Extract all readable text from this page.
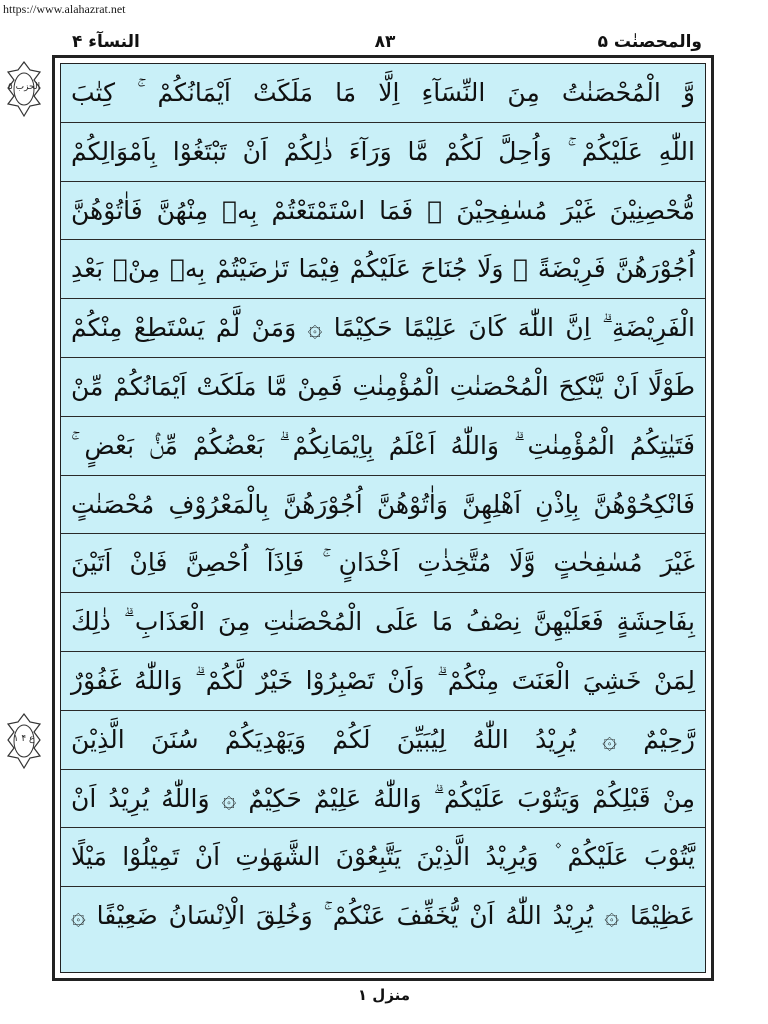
https://www.alahazrat.net
النسآء ۴	۸۳	والمحصنٰت ۵
الحزب ٥
ع ۴ ۱
وَّ الْمُحْصَنٰتُ مِنَ النِّسَآءِ اِلَّا مَا مَلَكَتْ اَيْمَانُكُمْ ۚ كِتٰبَ
اللّٰهِ عَلَيْكُمْ ۚ وَاُحِلَّ لَكُمْ مَّا وَرَآءَ ذٰلِكُمْ اَنْ تَبْتَغُوْا بِاَمْوَالِكُمْ
مُّحْصِنِيْنَ غَيْرَ مُسٰفِحِيْنَ ۗ فَمَا اسْتَمْتَعْتُمْ بِهٖ مِنْهُنَّ فَاٰتُوْهُنَّ
اُجُوْرَهُنَّ فَرِيْضَةً ۗ وَلَا جُنَاحَ عَلَيْكُمْ فِيْمَا تَرٰضَيْتُمْ بِهٖ مِنْۢ بَعْدِ
الْفَرِيْضَةِ ۗ اِنَّ اللّٰهَ كَانَ عَلِيْمًا حَكِيْمًا ۞ وَمَنْ لَّمْ يَسْتَطِعْ مِنْكُمْ
طَوْلًا اَنْ يَّنْكِحَ الْمُحْصَنٰتِ الْمُؤْمِنٰتِ فَمِنْ مَّا مَلَكَتْ اَيْمَانُكُمْ مِّنْ
فَتَيٰتِكُمُ الْمُؤْمِنٰتِ ۗ وَاللّٰهُ اَعْلَمُ بِاِيْمَانِكُمْ ۗ بَعْضُكُمْ مِّنْۢ بَعْضٍ ۚ
فَانْكِحُوْهُنَّ بِاِذْنِ اَهْلِهِنَّ وَاٰتُوْهُنَّ اُجُوْرَهُنَّ بِالْمَعْرُوْفِ مُحْصَنٰتٍ
غَيْرَ مُسٰفِحٰتٍ وَّلَا مُتَّخِذٰتِ اَخْدَانٍ ۚ فَاِذَآ اُحْصِنَّ فَاِنْ اَتَيْنَ
بِفَاحِشَةٍ فَعَلَيْهِنَّ نِصْفُ مَا عَلَى الْمُحْصَنٰتِ مِنَ الْعَذَابِ ۗ ذٰلِكَ
لِمَنْ خَشِيَ الْعَنَتَ مِنْكُمْ ۗ وَاَنْ تَصْبِرُوْا خَيْرٌ لَّكُمْ ۗ وَاللّٰهُ غَفُوْرٌ
رَّحِيْمٌ ۞ يُرِيْدُ اللّٰهُ لِيُبَيِّنَ لَكُمْ وَيَهْدِيَكُمْ سُنَنَ الَّذِيْنَ
مِنْ قَبْلِكُمْ وَيَتُوْبَ عَلَيْكُمْ ۗ وَاللّٰهُ عَلِيْمٌ حَكِيْمٌ ۞ وَاللّٰهُ يُرِيْدُ اَنْ
يَّتُوْبَ عَلَيْكُمْ ۫ وَيُرِيْدُ الَّذِيْنَ يَتَّبِعُوْنَ الشَّهَوٰتِ اَنْ تَمِيْلُوْا مَيْلًا
عَظِيْمًا ۞ يُرِيْدُ اللّٰهُ اَنْ يُّخَفِّفَ عَنْكُمْ ۚ وَخُلِقَ الْاِنْسَانُ ضَعِيْفًا ۞
منزل ۱
